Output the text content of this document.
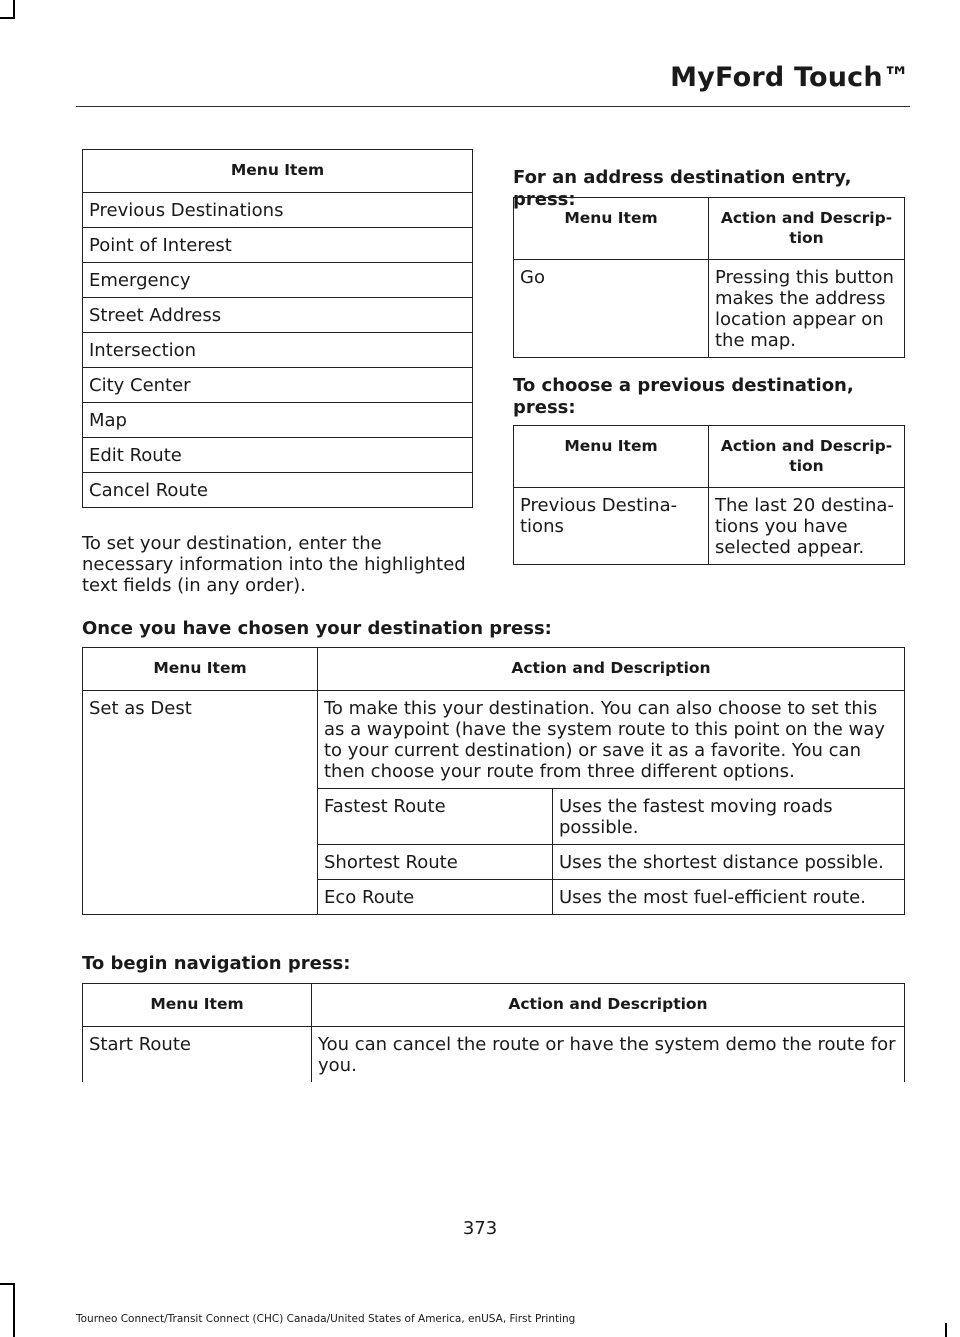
MyFord Touch™
Menu Item
Previous Destinations
Point of Interest
Emergency
Street Address
Intersection
City Center
Map
Edit Route
Cancel Route
To set your destination, enter the necessary information into the highlighted text fields (in any order).
For an address destination entry, press:
Menu Item	Action and Descrip-tion
Go	Pressing this button makes the address location appear on the map.
To choose a previous destination, press:
Menu Item	Action and Descrip-tion
Previous Destina-tions	The last 20 destina-tions you have selected appear.
Once you have chosen your destination press:
Menu Item	Action and Description	
Set as Dest	To make this your destination. You can also choose to set this as a waypoint (have the system route to this point on the way to your current destination) or save it as a favorite. You can then choose your route from three different options.	
	Fastest Route	Uses the fastest moving roads possible.
	Shortest Route	Uses the shortest distance possible.
	Eco Route	Uses the most fuel-efficient route.
To begin navigation press:
Menu Item	Action and Description
Start Route	You can cancel the route or have the system demo the route for you.
373
Tourneo Connect/Transit Connect (CHC) Canada/United States of America, enUSA, First Printing
